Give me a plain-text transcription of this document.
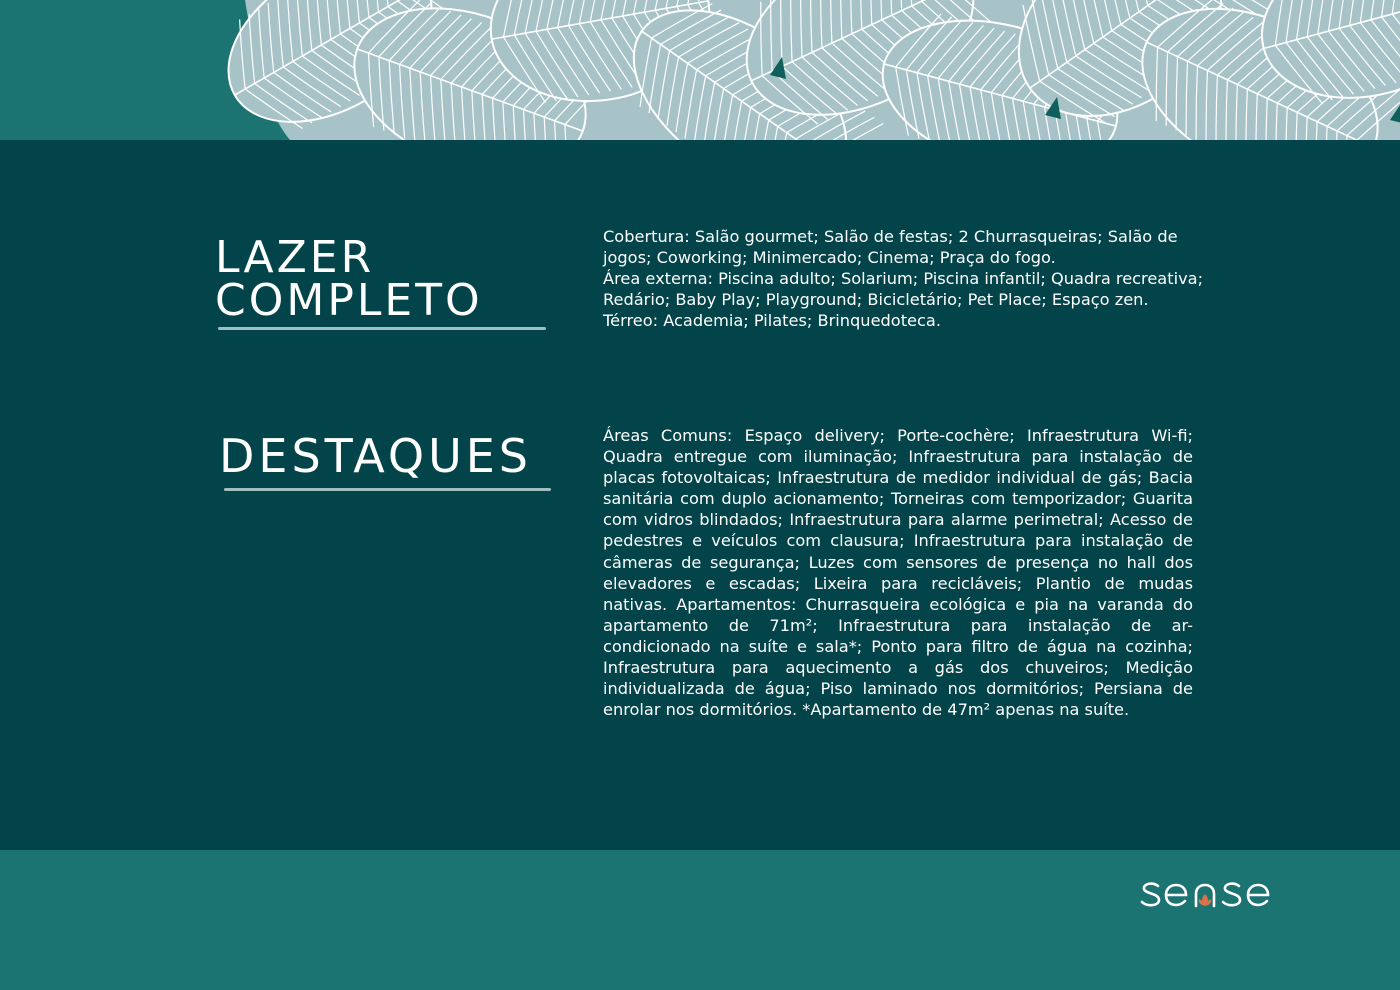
LAZER
COMPLETO

Cobertura: Salão gourmet; Salão de festas; 2 Churrasqueiras; Salão de jogos; Coworking; Minimercado; Cinema; Praça do fogo.

Área externa: Piscina adulto; Solarium; Piscina infantil; Quadra recreativa; Redário; Baby Play; Playground; Bicicletário; Pet Place; Espaço zen.

Térreo: Academia; Pilates; Brinquedoteca.

DESTAQUES	Áreas Comuns: Espaço delivery; Porte-cochère; Infraestrutura Wi-fi; Quadra entregue com iluminação; Infraestrutura para instalação de placas fotovoltaicas; Infraestrutura de medidor individual de gás; Bacia sanitária com duplo acionamento; Torneiras com temporizador; Guarita com vidros blindados; Infraestrutura para alarme perimetral; Acesso de pedestres e veículos com clausura; Infraestrutura para instalação de câmeras de segurança; Luzes com sensores de presença no hall dos elevadores e escadas; Lixeira para recicláveis; Plantio de mudas nativas. Apartamentos: Churrasqueira ecológica e pia na varanda do apartamento de 71m²; Infraestrutura para instalação de ar-condicionado na suíte e sala*; Ponto para filtro de água na cozinha; Infraestrutura para aquecimento a gás dos chuveiros; Medição individualizada de água; Piso laminado nos dormitórios; Persiana de enrolar nos dormitórios. *Apartamento de 47m² apenas na suíte.
